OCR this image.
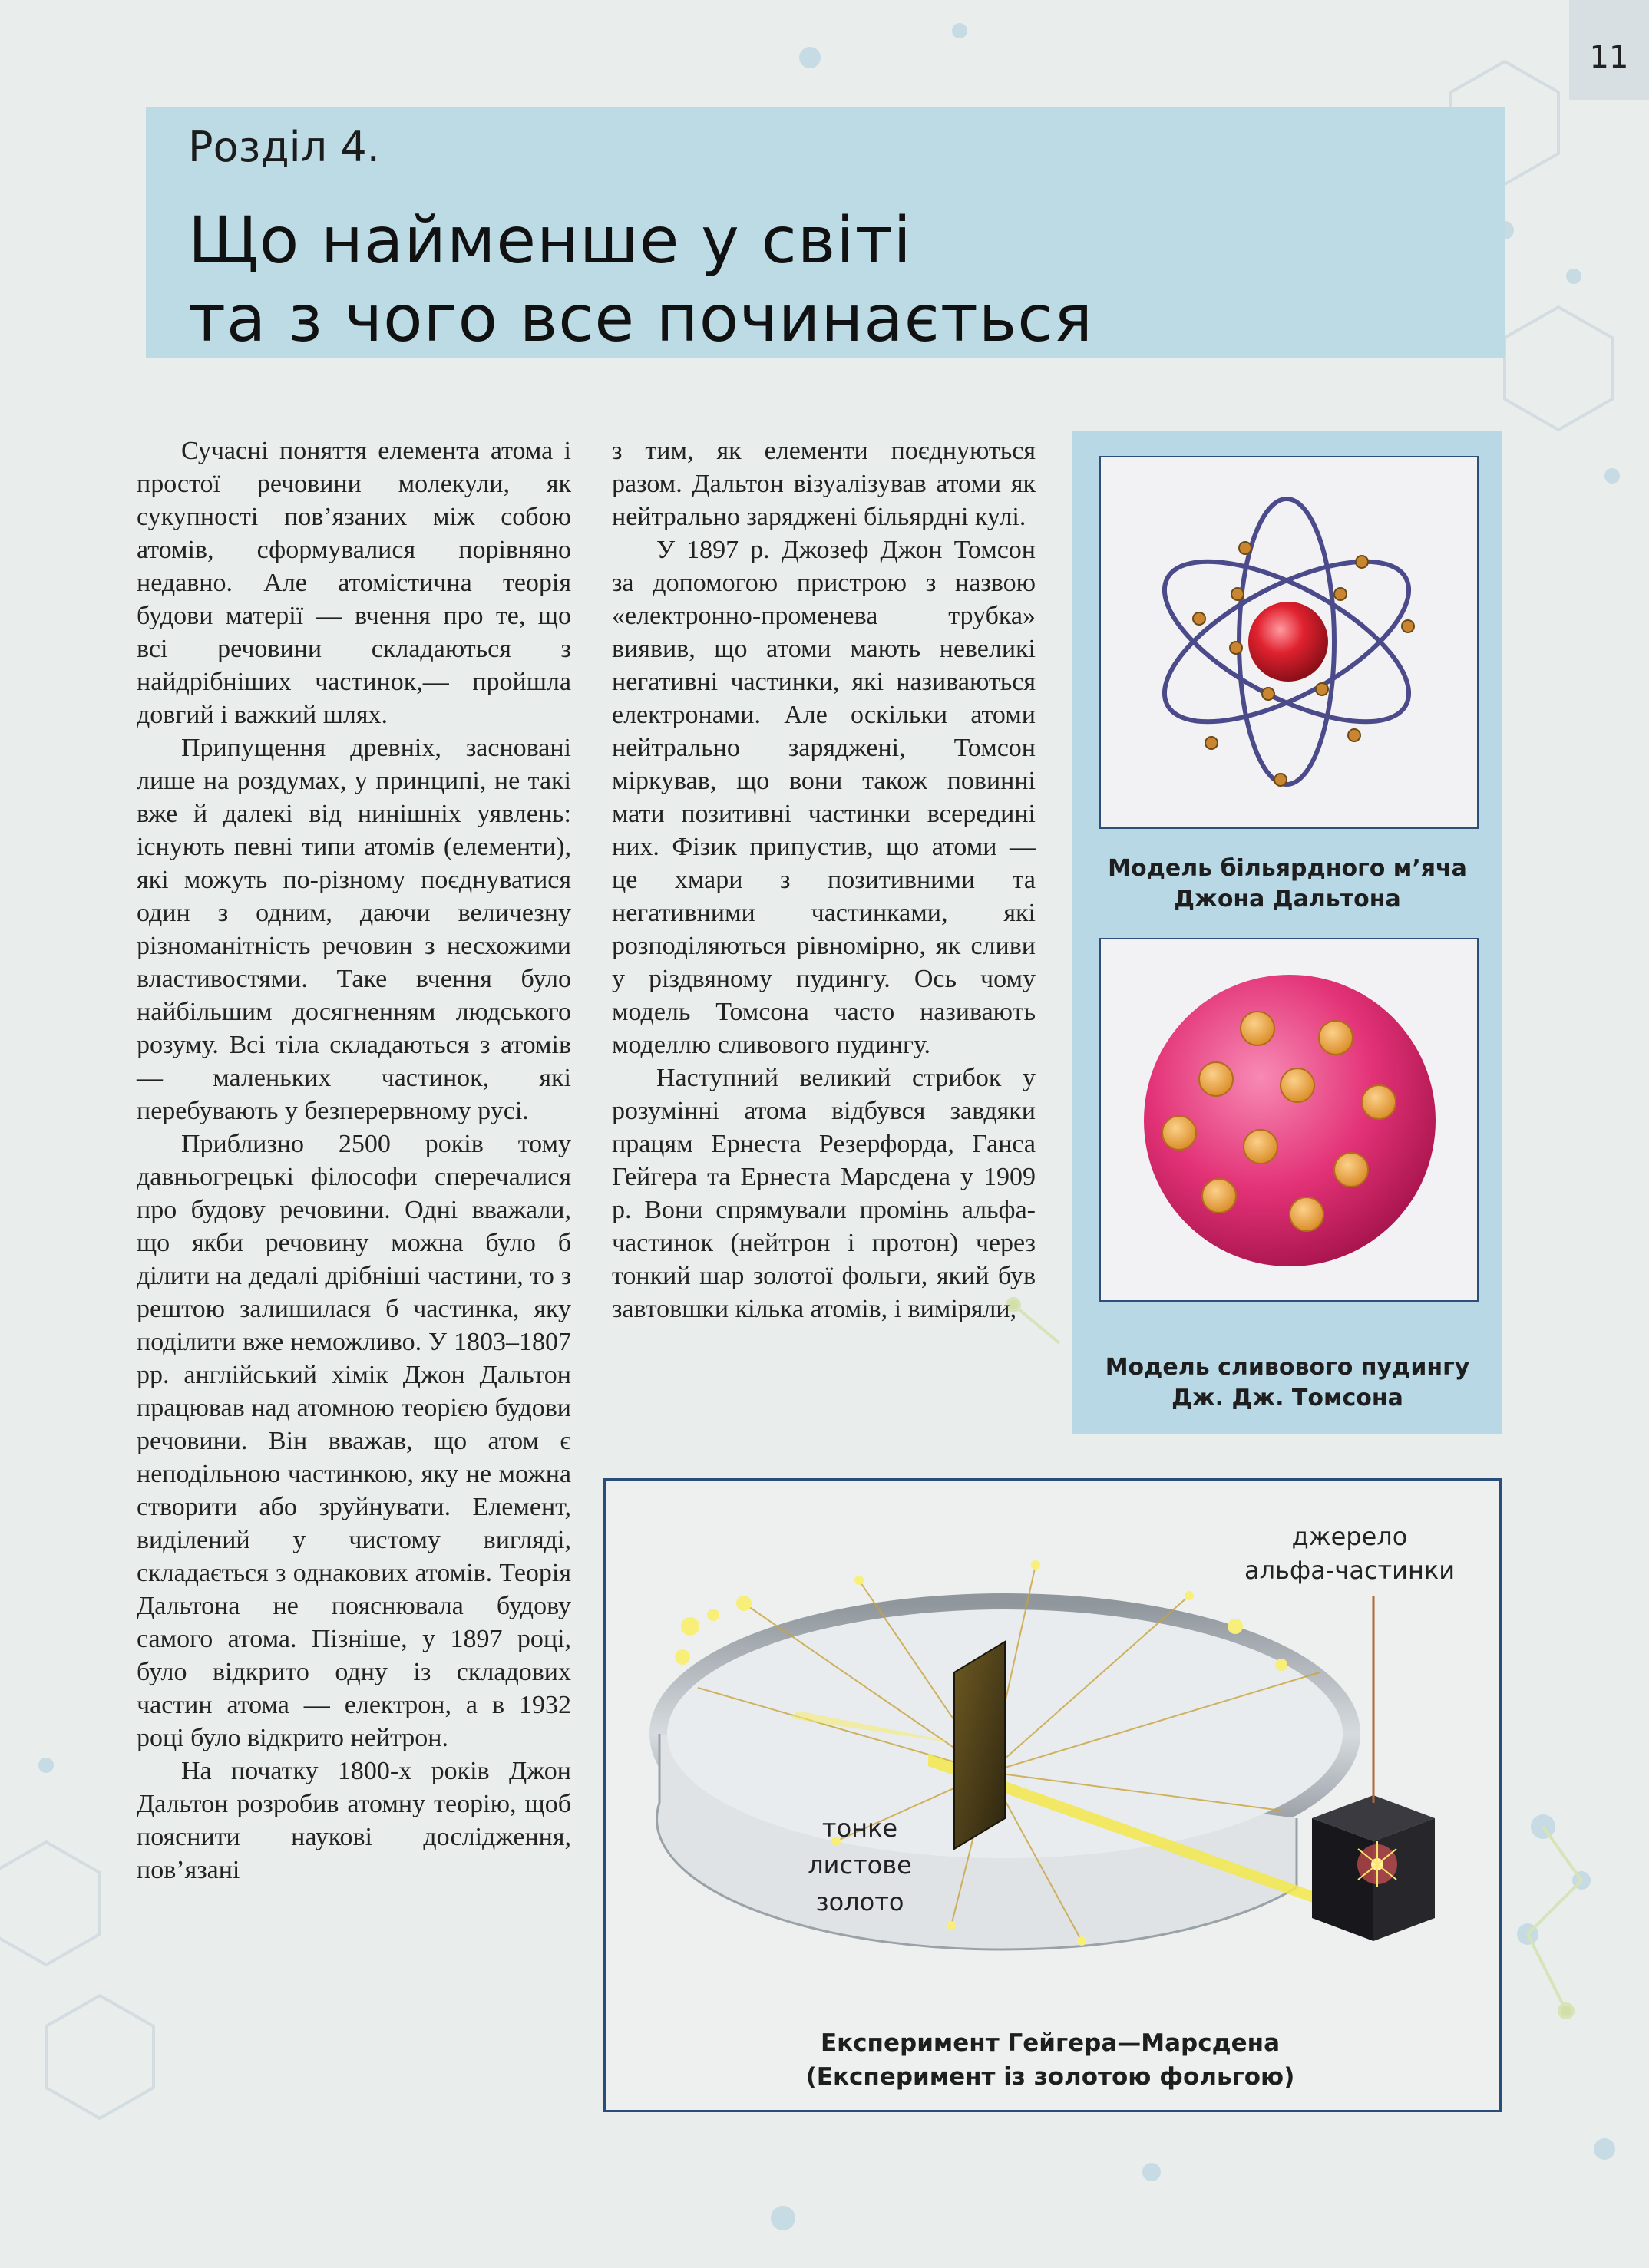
11
Розділ 4.
Що найменше у світі
та з чого все починається

Сучасні поняття елемента атома і простої речовини молекули, як сукупності пов’язаних між собою атомів, сформувалися порівняно недавно. Але атомістична теорія будови матерії — вчення про те, що всі речовини складаються з найдрібніших частинок,— пройшла довгий і важкий шлях.

Припущення древніх, засновані лише на роздумах, у принципі, не такі вже й далекі від нинішніх уявлень: існують певні типи атомів (елементи), які можуть по-різному поєднуватися один з одним, даючи величезну різноманітність речовин з несхожими властивостями. Таке вчення було найбільшим досягненням людського розуму. Всі тіла складаються з атомів — маленьких частинок, які перебувають у безперервному русі.

Приблизно 2500 років тому давньогрецькі філософи сперечалися про будову речовини. Одні вважали, що якби речовину можна було б ділити на дедалі дрібніші частини, то з рештою залишилася б частинка, яку поділити вже неможливо. У 1803–1807 рр. англійський хімік Джон Дальтон працював над атомною теорією будови речовини. Він вважав, що атом є неподільною частинкою, яку не можна створити або зруйнувати. Елемент, виділений у чистому вигляді, складається з однакових атомів. Теорія Дальтона не пояснювала будову самого атома. Пізніше, у 1897 році, було відкрито одну із складових частин атома — електрон, а в 1932 році було відкрито нейтрон.

На початку 1800-х років Джон Дальтон розробив атомну теорію, щоб пояснити наукові дослідження, пов’язані

з тим, як елементи поєднуються разом. Дальтон візуалізував атоми як нейтрально заряджені більярдні кулі.

У 1897 р. Джозеф Джон Томсон за допомогою пристрою з назвою «електронно-променева трубка» виявив, що атоми мають невеликі негативні частинки, які називаються електронами. Але оскільки атоми нейтрально заряджені, Томсон міркував, що вони також повинні мати позитивні частинки всередині них. Фізик припустив, що атоми — це хмари з позитивними та негативними частинками, які розподіляються рівномірно, як сливи у різдвяному пудингу. Ось чому модель Томсона часто називають моделлю сливового пудингу.

Наступний великий стрибок у розумінні атома відбувся завдяки працям Ернеста Резерфорда, Ганса Гейгера та Ернеста Марсдена у 1909 р. Вони спрямували промінь альфа-частинок (нейтрон і протон) через тонкий шар золотої фольги, який був завтовшки кілька атомів, і виміряли,

Модель більярдного м’яча
Джона Дальтона
Модель сливового пудингу
Дж. Дж. Томсона
джерело
альфа-частинки
тонке
листове
золото
Експеримент Гейгера—Марсдена
(Експеримент із золотою фольгою)
